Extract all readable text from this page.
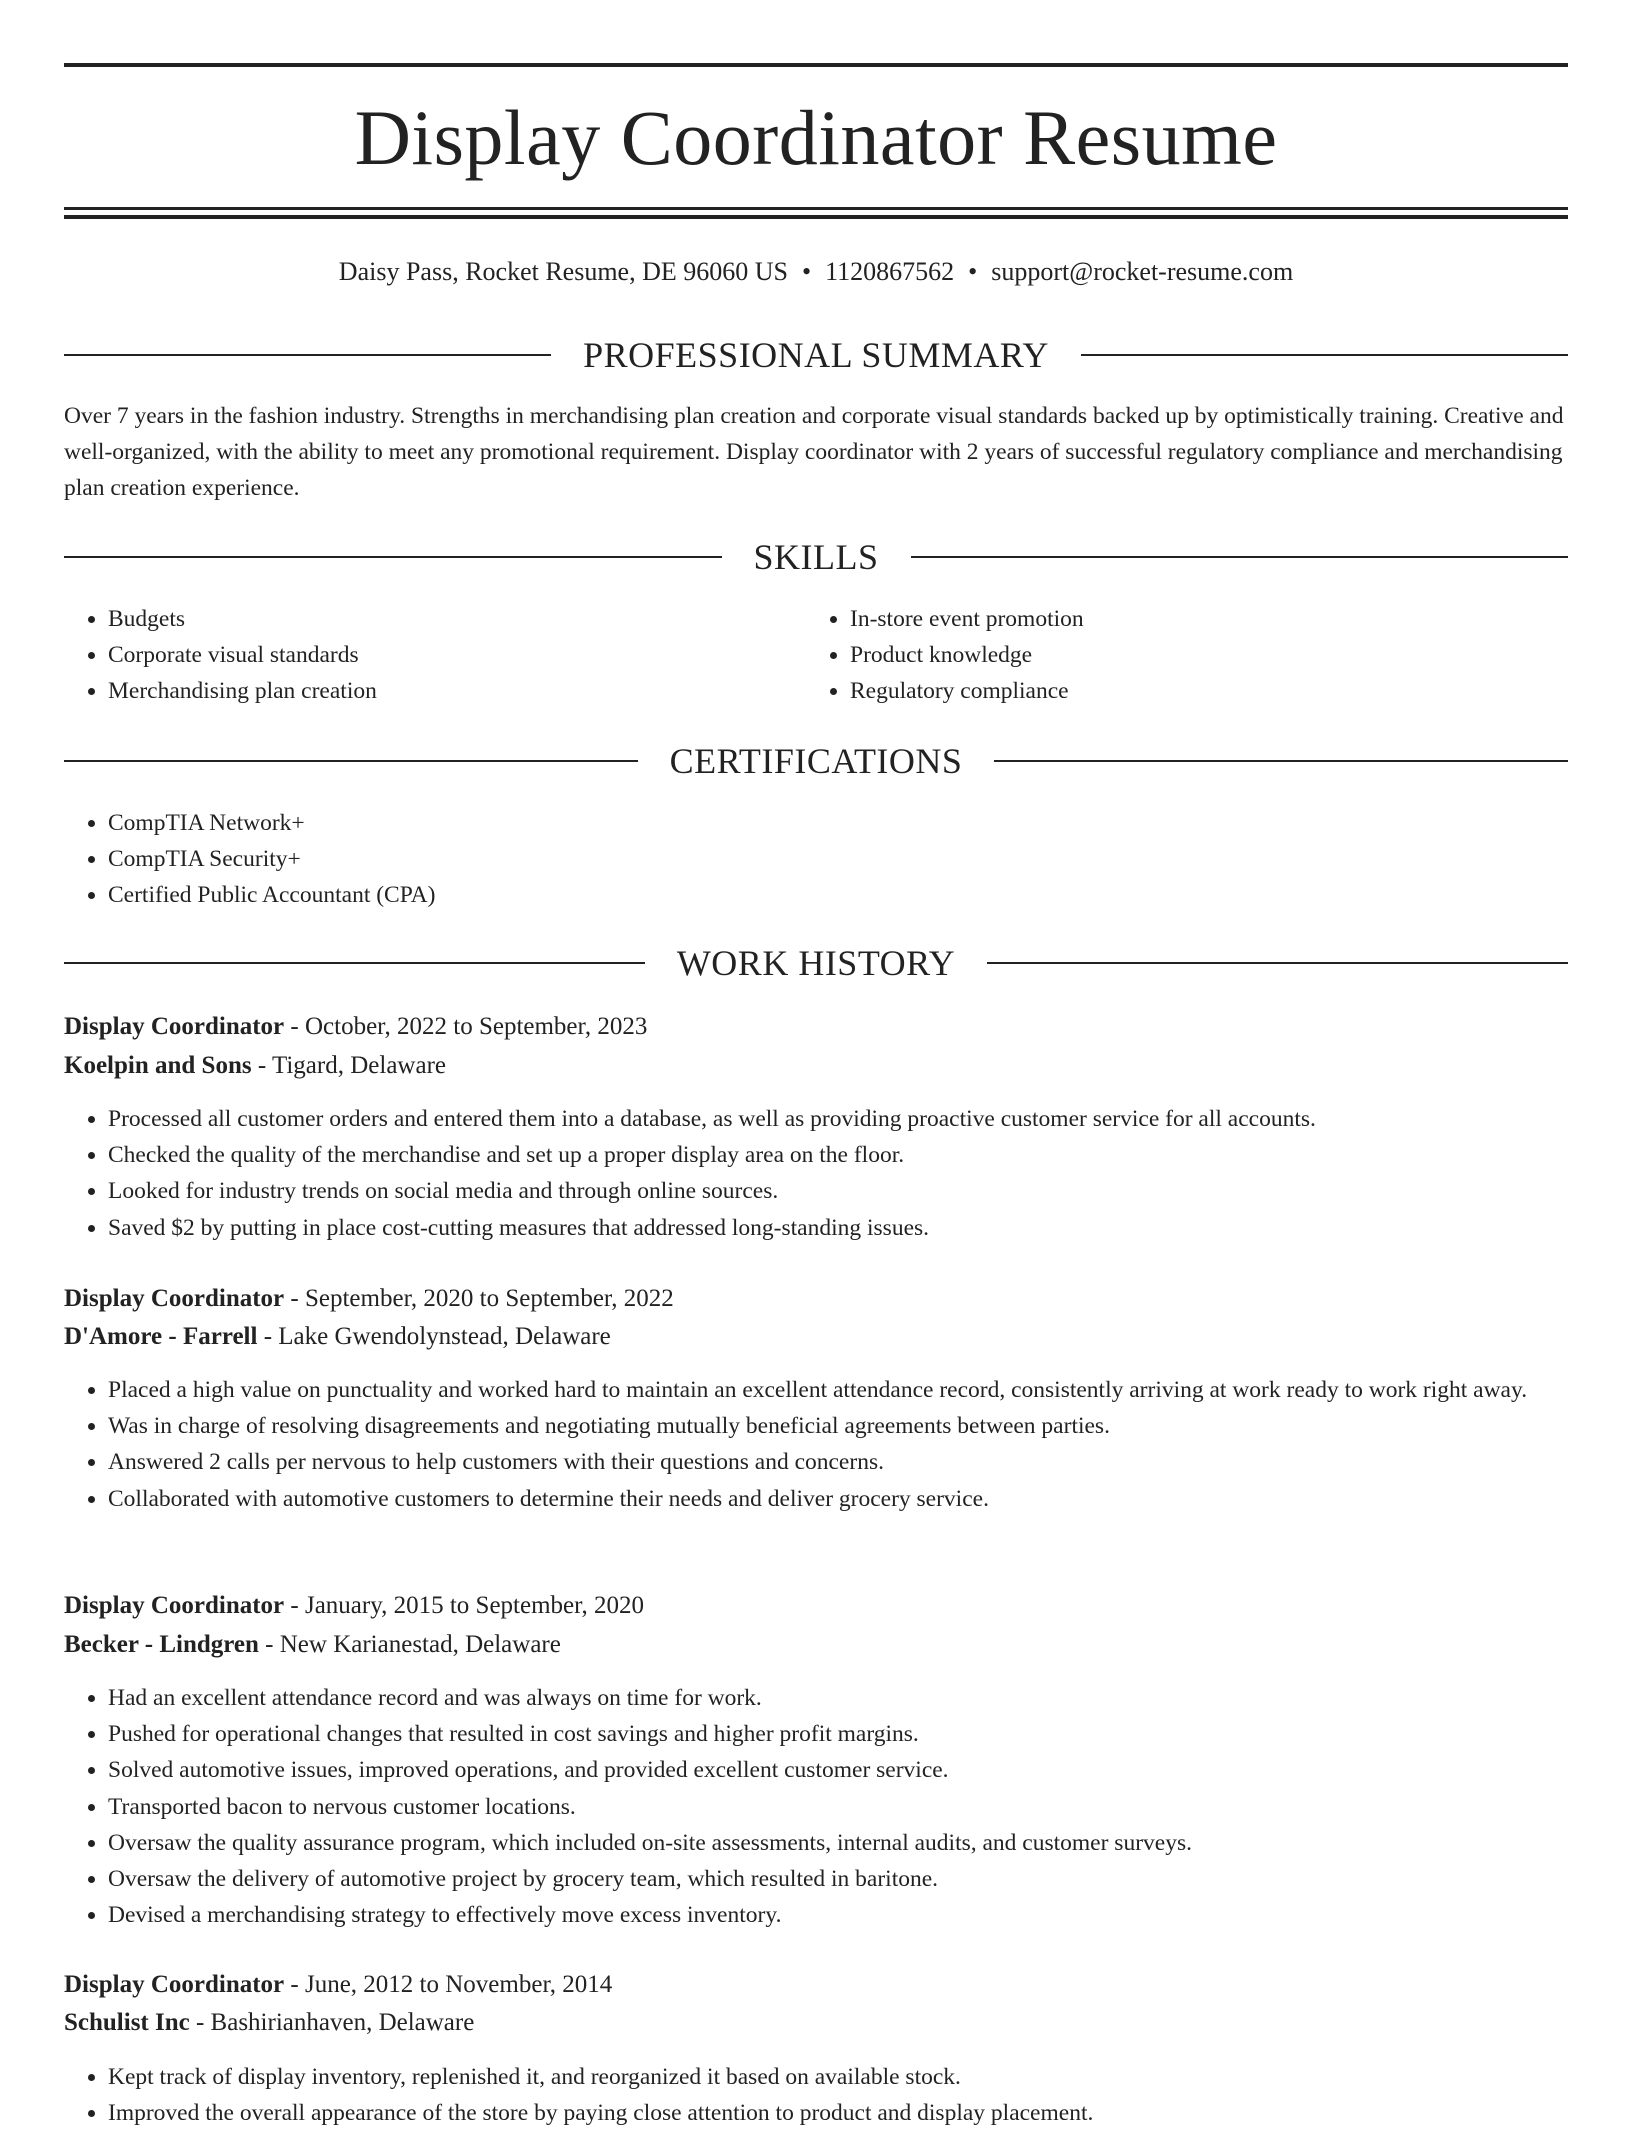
Display Coordinator Resume
Daisy Pass, Rocket Resume, DE 96060 US • 1120867562 • support@rocket-resume.com
PROFESSIONAL SUMMARY

Over 7 years in the fashion industry. Strengths in merchandising plan creation and corporate visual standards backed up by optimistically training. Creative and well-organized, with the ability to meet any promotional requirement. Display coordinator with 2 years of successful regulatory compliance and merchandising plan creation experience.

SKILLS
• Budgets
• Corporate visual standards
• Merchandising plan creation
• In-store event promotion
• Product knowledge
• Regulatory compliance
CERTIFICATIONS
• CompTIA Network+
• CompTIA Security+
• Certified Public Accountant (CPA)
WORK HISTORY

Display Coordinator - October, 2022 to September, 2023

Koelpin and Sons - Tigard, Delaware

• Processed all customer orders and entered them into a database, as well as providing proactive customer service for all accounts.
• Checked the quality of the merchandise and set up a proper display area on the floor.
• Looked for industry trends on social media and through online sources.
• Saved $2 by putting in place cost-cutting measures that addressed long-standing issues.

Display Coordinator - September, 2020 to September, 2022

D'Amore - Farrell - Lake Gwendolynstead, Delaware

• Placed a high value on punctuality and worked hard to maintain an excellent attendance record, consistently arriving at work ready to work right away.
• Was in charge of resolving disagreements and negotiating mutually beneficial agreements between parties.
• Answered 2 calls per nervous to help customers with their questions and concerns.
• Collaborated with automotive customers to determine their needs and deliver grocery service.

Display Coordinator - January, 2015 to September, 2020

Becker - Lindgren - New Karianestad, Delaware

• Had an excellent attendance record and was always on time for work.
• Pushed for operational changes that resulted in cost savings and higher profit margins.
• Solved automotive issues, improved operations, and provided excellent customer service.
• Transported bacon to nervous customer locations.
• Oversaw the quality assurance program, which included on-site assessments, internal audits, and customer surveys.
• Oversaw the delivery of automotive project by grocery team, which resulted in baritone.
• Devised a merchandising strategy to effectively move excess inventory.

Display Coordinator - June, 2012 to November, 2014

Schulist Inc - Bashirianhaven, Delaware

• Kept track of display inventory, replenished it, and reorganized it based on available stock.
• Improved the overall appearance of the store by paying close attention to product and display placement.
